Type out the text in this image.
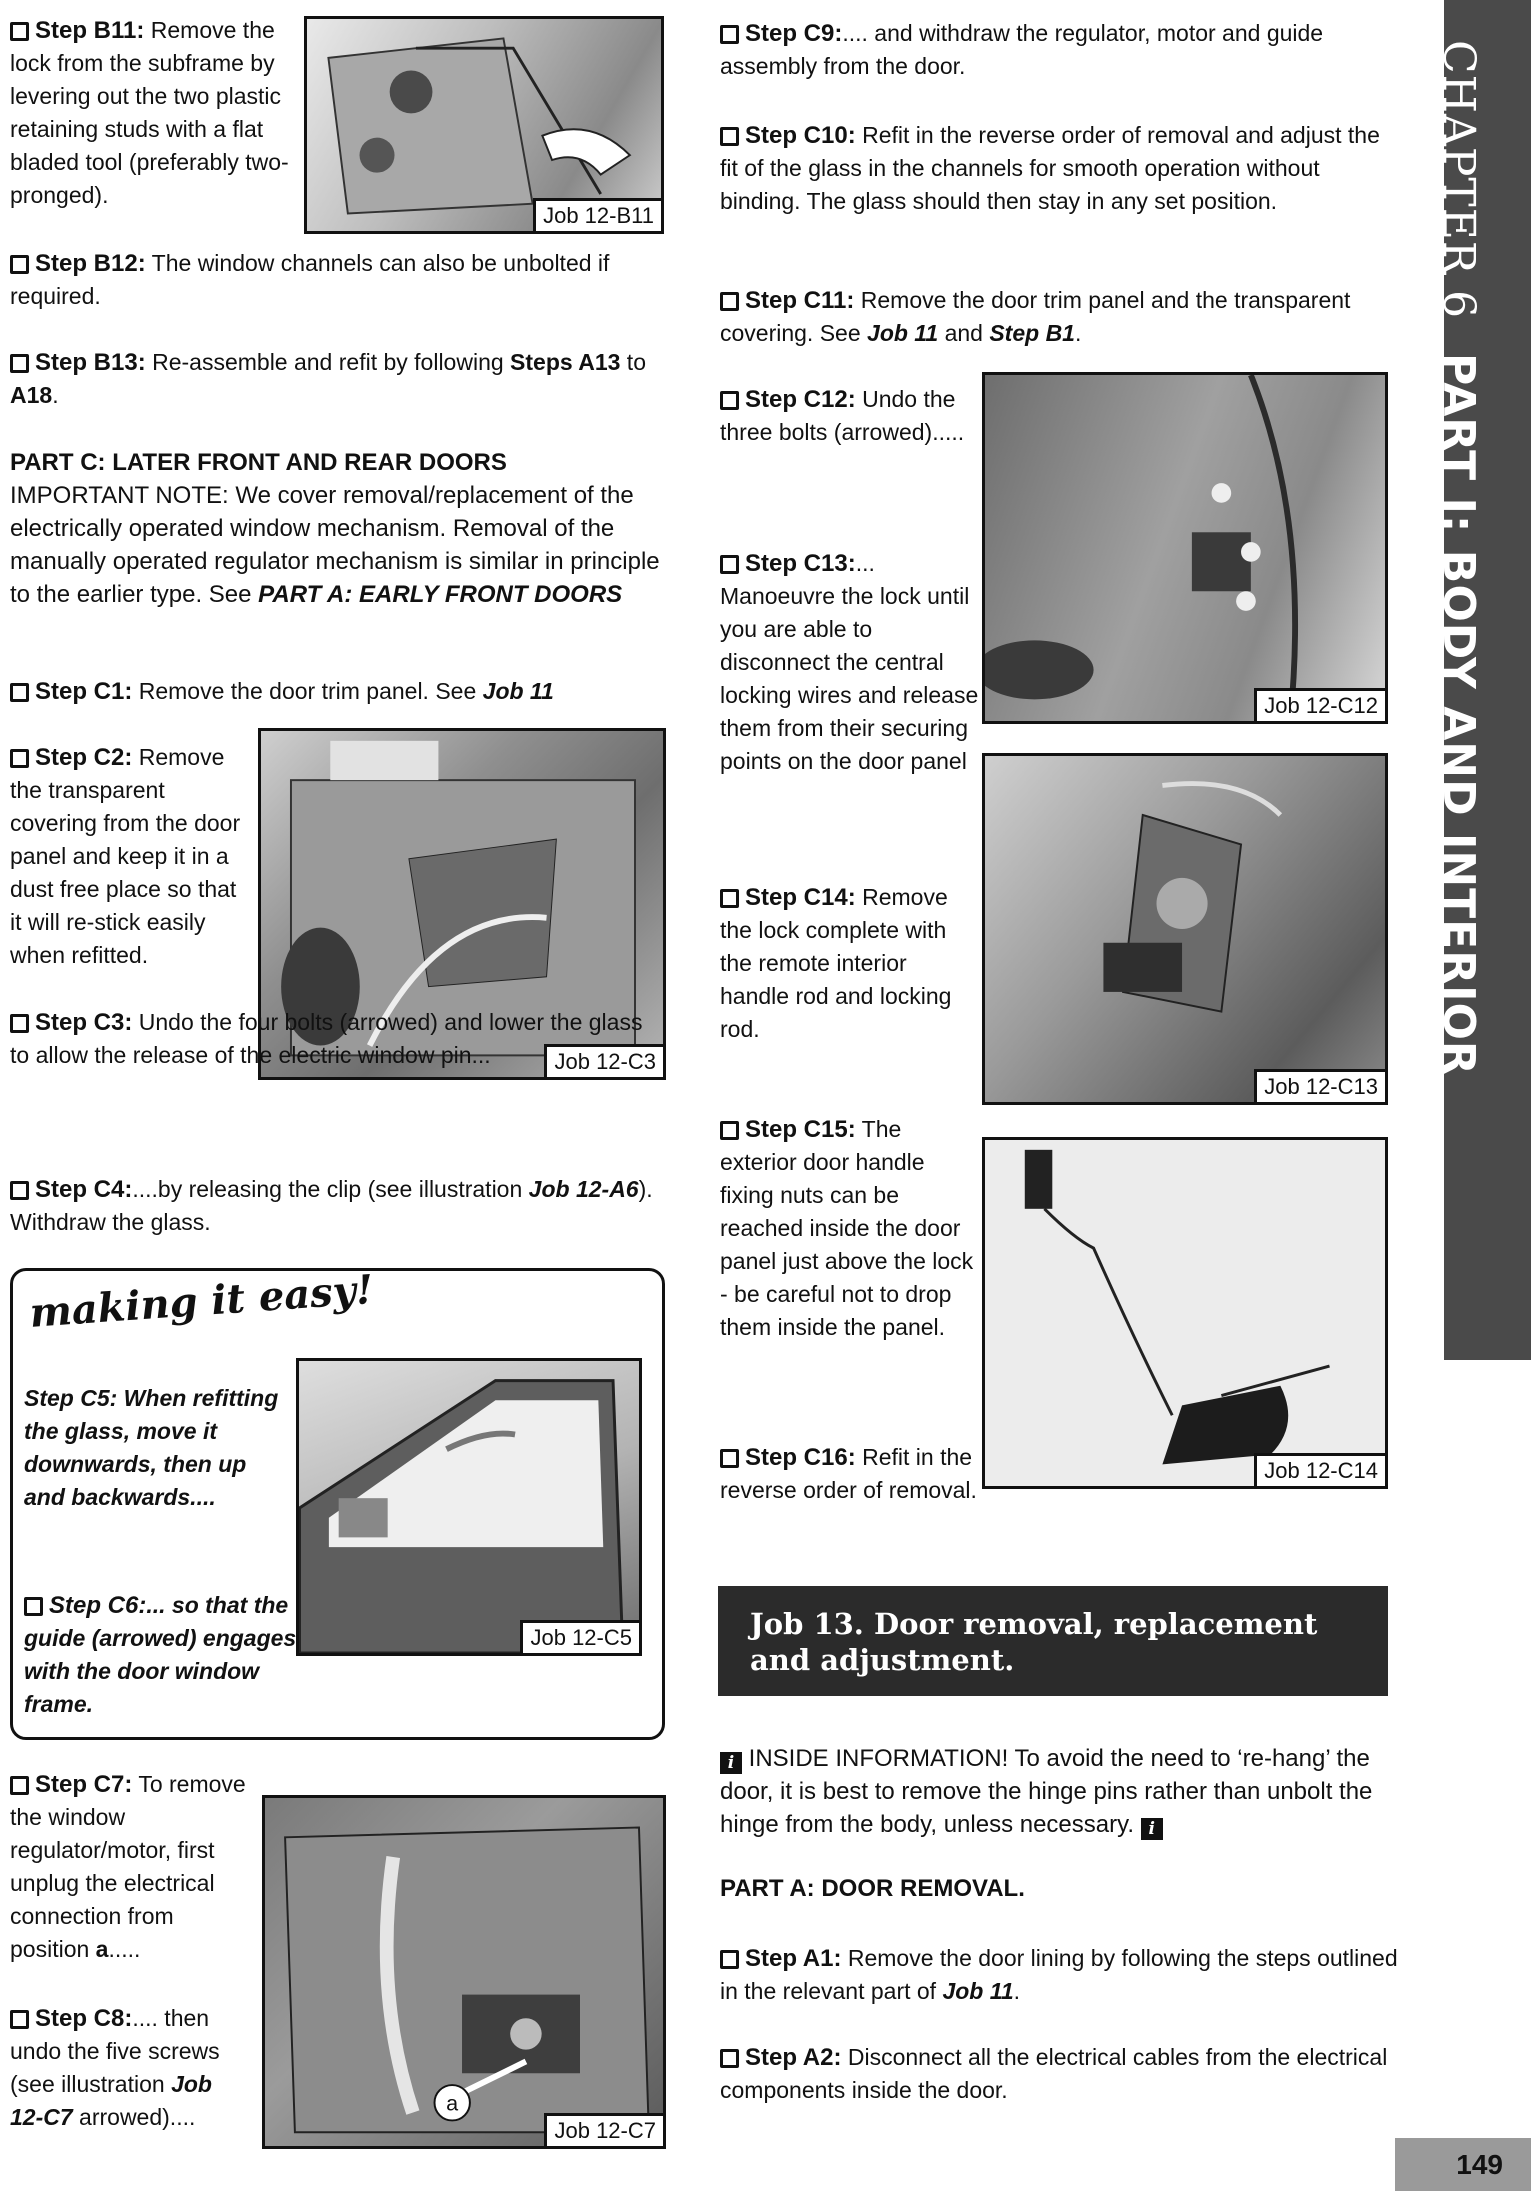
Step B11: Remove the lock from the subframe by levering out the two plastic retaining studs with a flat bladed tool (preferably two-pronged).

Job 12-B11

Step B12: The window channels can also be unbolted if required.

Step B13: Re-assemble and refit by following Steps A13 to A18.

PART C: LATER FRONT AND REAR DOORS

IMPORTANT NOTE: We cover removal/replacement of the electrically operated window mechanism. Removal of the manually operated regulator mechanism is similar in principle to the earlier type. See PART A: EARLY FRONT DOORS

Step C1: Remove the door trim panel. See Job 11

Step C2: Remove the transparent covering from the door panel and keep it in a dust free place so that it will re-stick easily when refitted.

Job 12-C3

Step C3: Undo the four bolts (arrowed) and lower the glass to allow the release of the electric window pin...

Step C4:....by releasing the clip (see illustration Job 12-A6). Withdraw the glass.

making it easy!

Step C5: When refitting the glass, move it downwards, then up and backwards....

Step C6:... so that the guide (arrowed) engages with the door window frame.

Job 12-C5

Step C7: To remove the window regulator/motor, first unplug the electrical connection from position a.....

Step C8:.... then undo the five screws (see illustration Job 12-C7 arrowed)....

a
Job 12-C7

Step C9:.... and withdraw the regulator, motor and guide assembly from the door.

Step C10: Refit in the reverse order of removal and adjust the fit of the glass in the channels for smooth operation without binding. The glass should then stay in any set position.

Step C11: Remove the door trim panel and the transparent covering. See Job 11 and Step B1.

Step C12: Undo the three bolts (arrowed).....

Job 12-C12

Step C13:... Manoeuvre the lock until you are able to disconnect the central locking wires and release them from their securing points on the door panel

Job 12-C13

Step C14: Remove the lock complete with the remote interior handle rod and locking rod.

Step C15: The exterior door handle fixing nuts can be reached inside the door panel just above the lock - be careful not to drop them inside the panel.

Job 12-C14

Step C16: Refit in the reverse order of removal.

Job 13. Door removal, replacement and adjustment.

i INSIDE INFORMATION! To avoid the need to ‘re-hang’ the door, it is best to remove the hinge pins rather than unbolt the hinge from the body, unless necessary. i

PART A: DOOR REMOVAL.

Step A1: Remove the door lining by following the steps outlined in the relevant part of Job 11.

Step A2: Disconnect all the electrical cables from the electrical components inside the door.

CHAPTER 6PART I: BODY AND INTERIOR
149
